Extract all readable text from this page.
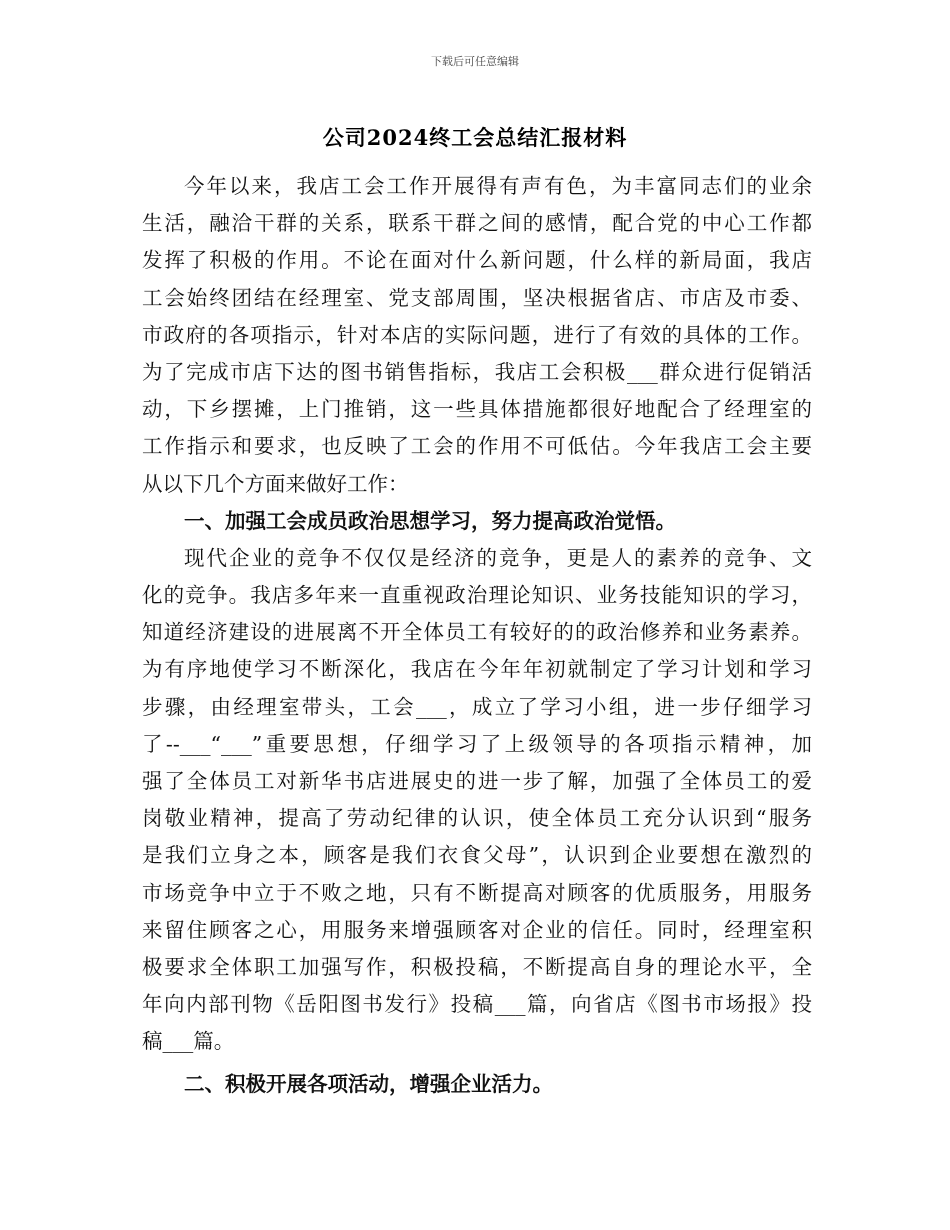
下载后可任意编辑
公司2024终工会总结汇报材料
今年以来，我店工会工作开展得有声有色，为丰富同志们的业余
生活，融洽干群的关系，联系干群之间的感情，配合党的中心工作都
发挥了积极的作用。不论在面对什么新问题，什么样的新局面，我店
工会始终团结在经理室、党支部周围，坚决根据省店、市店及市委、
市政府的各项指示，针对本店的实际问题，进行了有效的具体的工作。
为了完成市店下达的图书销售指标，我店工会积极___群众进行促销活
动，下乡摆摊，上门推销，这一些具体措施都很好地配合了经理室的
工作指示和要求，也反映了工会的作用不可低估。今年我店工会主要
从以下几个方面来做好工作：
一、加强工会成员政治思想学习，努力提高政治觉悟。
现代企业的竞争不仅仅是经济的竞争，更是人的素养的竞争、文
化的竞争。我店多年来一直重视政治理论知识、业务技能知识的学习，
知道经济建设的进展离不开全体员工有较好的的政治修养和业务素养。
为有序地使学习不断深化，我店在今年年初就制定了学习计划和学习
步骤，由经理室带头，工会___，成立了学习小组，进一步仔细学习
了--___“___”重要思想，仔细学习了上级领导的各项指示精神，加
强了全体员工对新华书店进展史的进一步了解，加强了全体员工的爱
岗敬业精神，提高了劳动纪律的认识，使全体员工充分认识到“服务
是我们立身之本，顾客是我们衣食父母”，认识到企业要想在激烈的
市场竞争中立于不败之地，只有不断提高对顾客的优质服务，用服务
来留住顾客之心，用服务来增强顾客对企业的信任。同时，经理室积
极要求全体职工加强写作，积极投稿，不断提高自身的理论水平，全
年向内部刊物《岳阳图书发行》投稿___篇，向省店《图书市场报》投
稿___篇。
二、积极开展各项活动，增强企业活力。
